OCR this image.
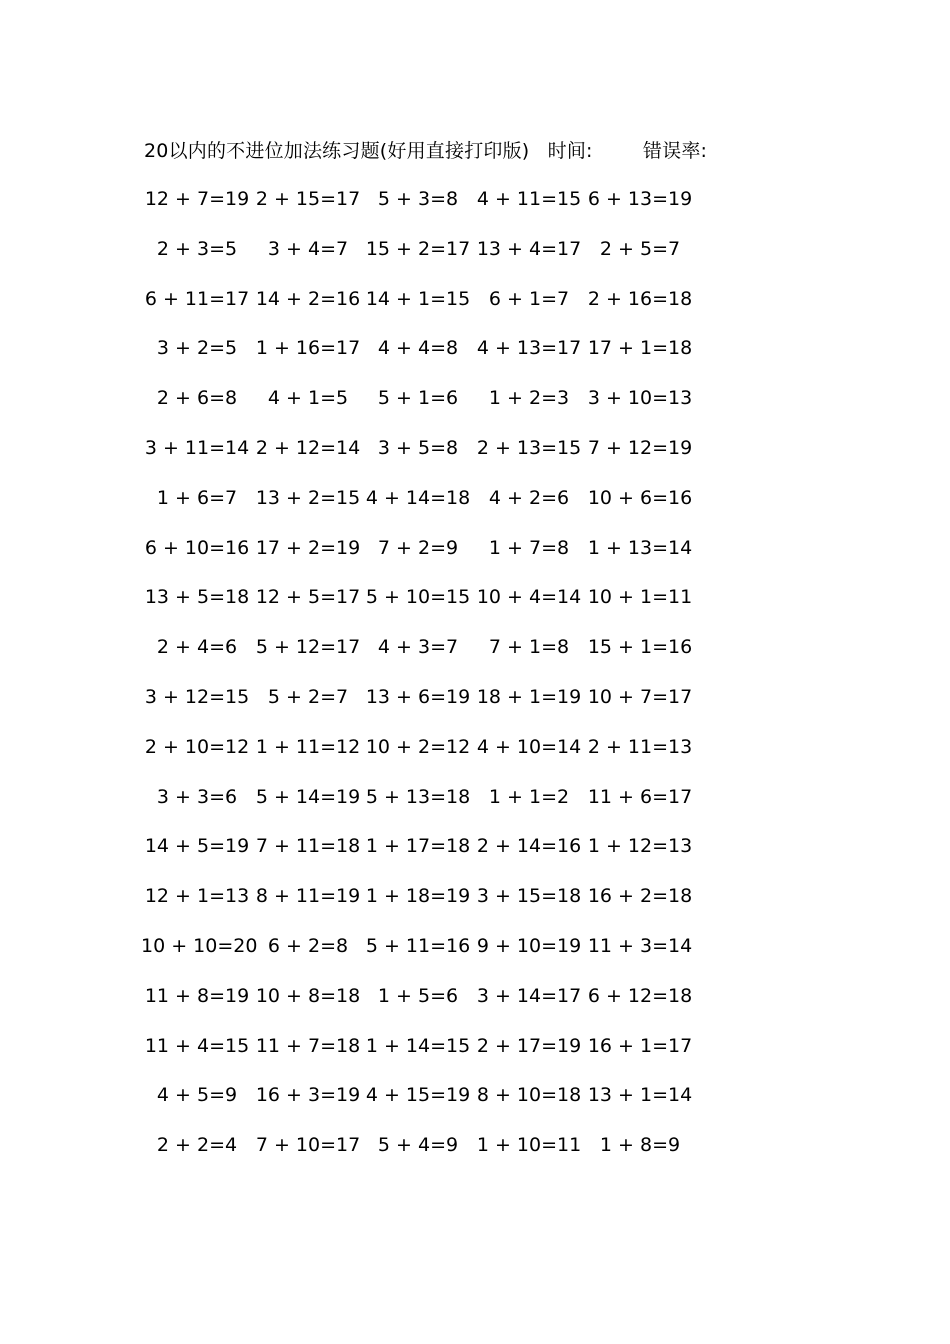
20以内的不进位加法练习题(好用直接打印版) 时间:	错误率:
12 + 7=19 2 + 15=17 5 + 3=8 4 + 11=15 6 + 13=19
2 + 3=5	3 + 4=7 15 + 2=17 13 + 4=17 2 + 5=7
6 + 11=17 14 + 2=16 14 + 1=15 6 + 1=7 2 + 16=18
3 + 2=5 1 + 16=17 4 + 4=8 4 + 13=17 17 + 1=18
2 + 6=8	4 + 1=5	5 + 1=6	1 + 2=3 3 + 10=13
3 + 11=14 2 + 12=14 3 + 5=8 2 + 13=15 7 + 12=19
1 + 6=7 13 + 2=15 4 + 14=18 4 + 2=6 10 + 6=16
6 + 10=16 17 + 2=19 7 + 2=9	1 + 7=8 1 + 13=14
13 + 5=18 12 + 5=17 5 + 10=15 10 + 4=14 10 + 1=11
2 + 4=6 5 + 12=17 4 + 3=7	7 + 1=8 15 + 1=16
3 + 12=15 5 + 2=7 13 + 6=19 18 + 1=19 10 + 7=17
2 + 10=12 1 + 11=12 10 + 2=12 4 + 10=14 2 + 11=13
3 + 3=6 5 + 14=19 5 + 13=18 1 + 1=2 11 + 6=17
14 + 5=19 7 + 11=18 1 + 17=18 2 + 14=16 1 + 12=13
12 + 1=13 8 + 11=19 1 + 18=19 3 + 15=18 16 + 2=18
10 + 10=20 6 + 2=8 5 + 11=16 9 + 10=19 11 + 3=14
11 + 8=19 10 + 8=18 1 + 5=6 3 + 14=17 6 + 12=18
11 + 4=15 11 + 7=18 1 + 14=15 2 + 17=19 16 + 1=17
4 + 5=9 16 + 3=19 4 + 15=19 8 + 10=18 13 + 1=14
2 + 2=4 7 + 10=17 5 + 4=9 1 + 10=11 1 + 8=9
